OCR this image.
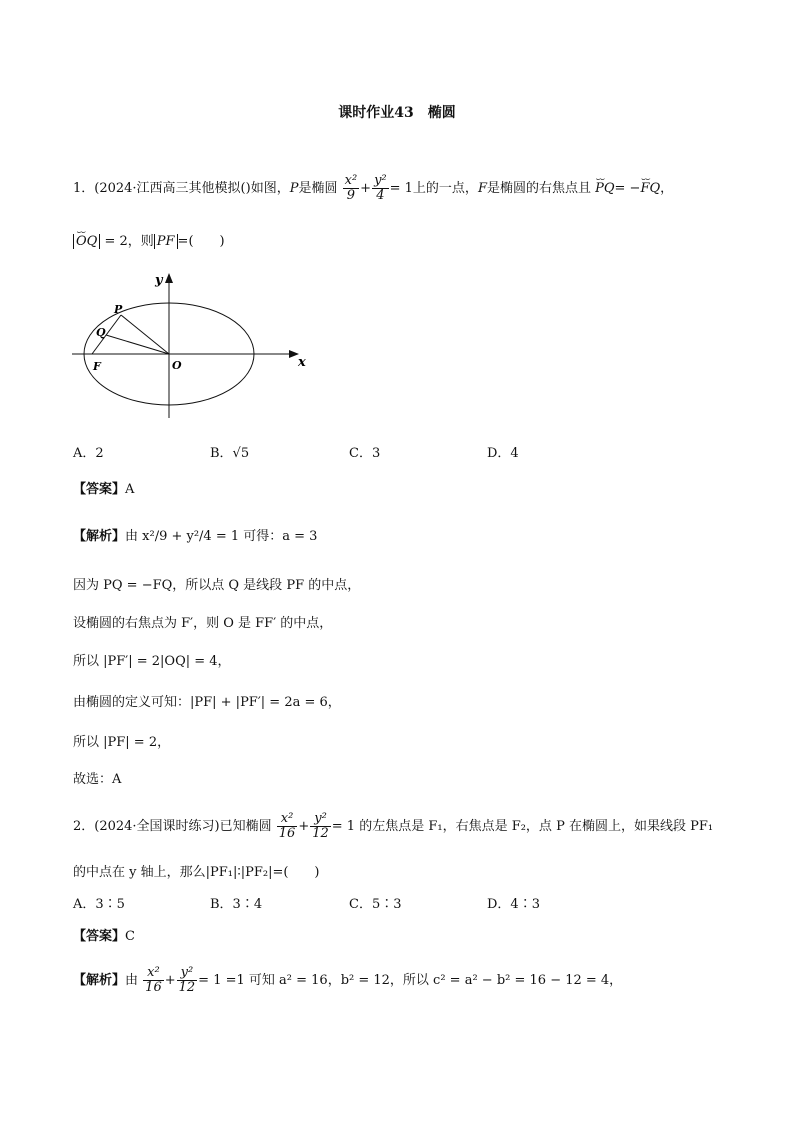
课时作业43　椭圆
1．(2024·江西高三其他模拟()如图，P是椭圆 $\frac{\text{x²}}{9} + \frac{\text{y²}}{4} = 1$上的一点，F是椭圆的右焦点且 ⌣⌣ PQ= −⌣⌣ FQ，
⌣⌣ OQ = 2，则 PF =(　　)
x
y
P
Q
F	O
A．2	B．√5	C．3	D．4
【答案】A
【解析】由 x²/9 + y²/4 = 1 可得：a = 3
因为 PQ = −FQ，所以点 Q 是线段 PF 的中点，
设椭圆的右焦点为 F′，则 O 是 FF′ 的中点，
所以 |PF′| = 2|OQ| = 4，
由椭圆的定义可知：|PF| + |PF′| = 2a = 6，
所以 |PF| = 2，
故选：A
2．(2024·全国课时练习)已知椭圆 $\frac{\text{x²}}{16} + \frac{\text{y²}}{12} = 1$ 的左焦点是 F₁，右焦点是 F₂，点 P 在椭圆上，如果线段 PF₁
的中点在 y 轴上，那么|PF₁|∶|PF₂|=(　　)
A．3∶5	B．3∶4	C．5∶3	D．4∶3
【答案】C
【解析】由 $\frac{\text{x²}}{16} + \frac{\text{y²}}{12} = 1 =1$ 可知 a² = 16，b² = 12，所以 c² = a² − b² = 16 − 12 = 4，
